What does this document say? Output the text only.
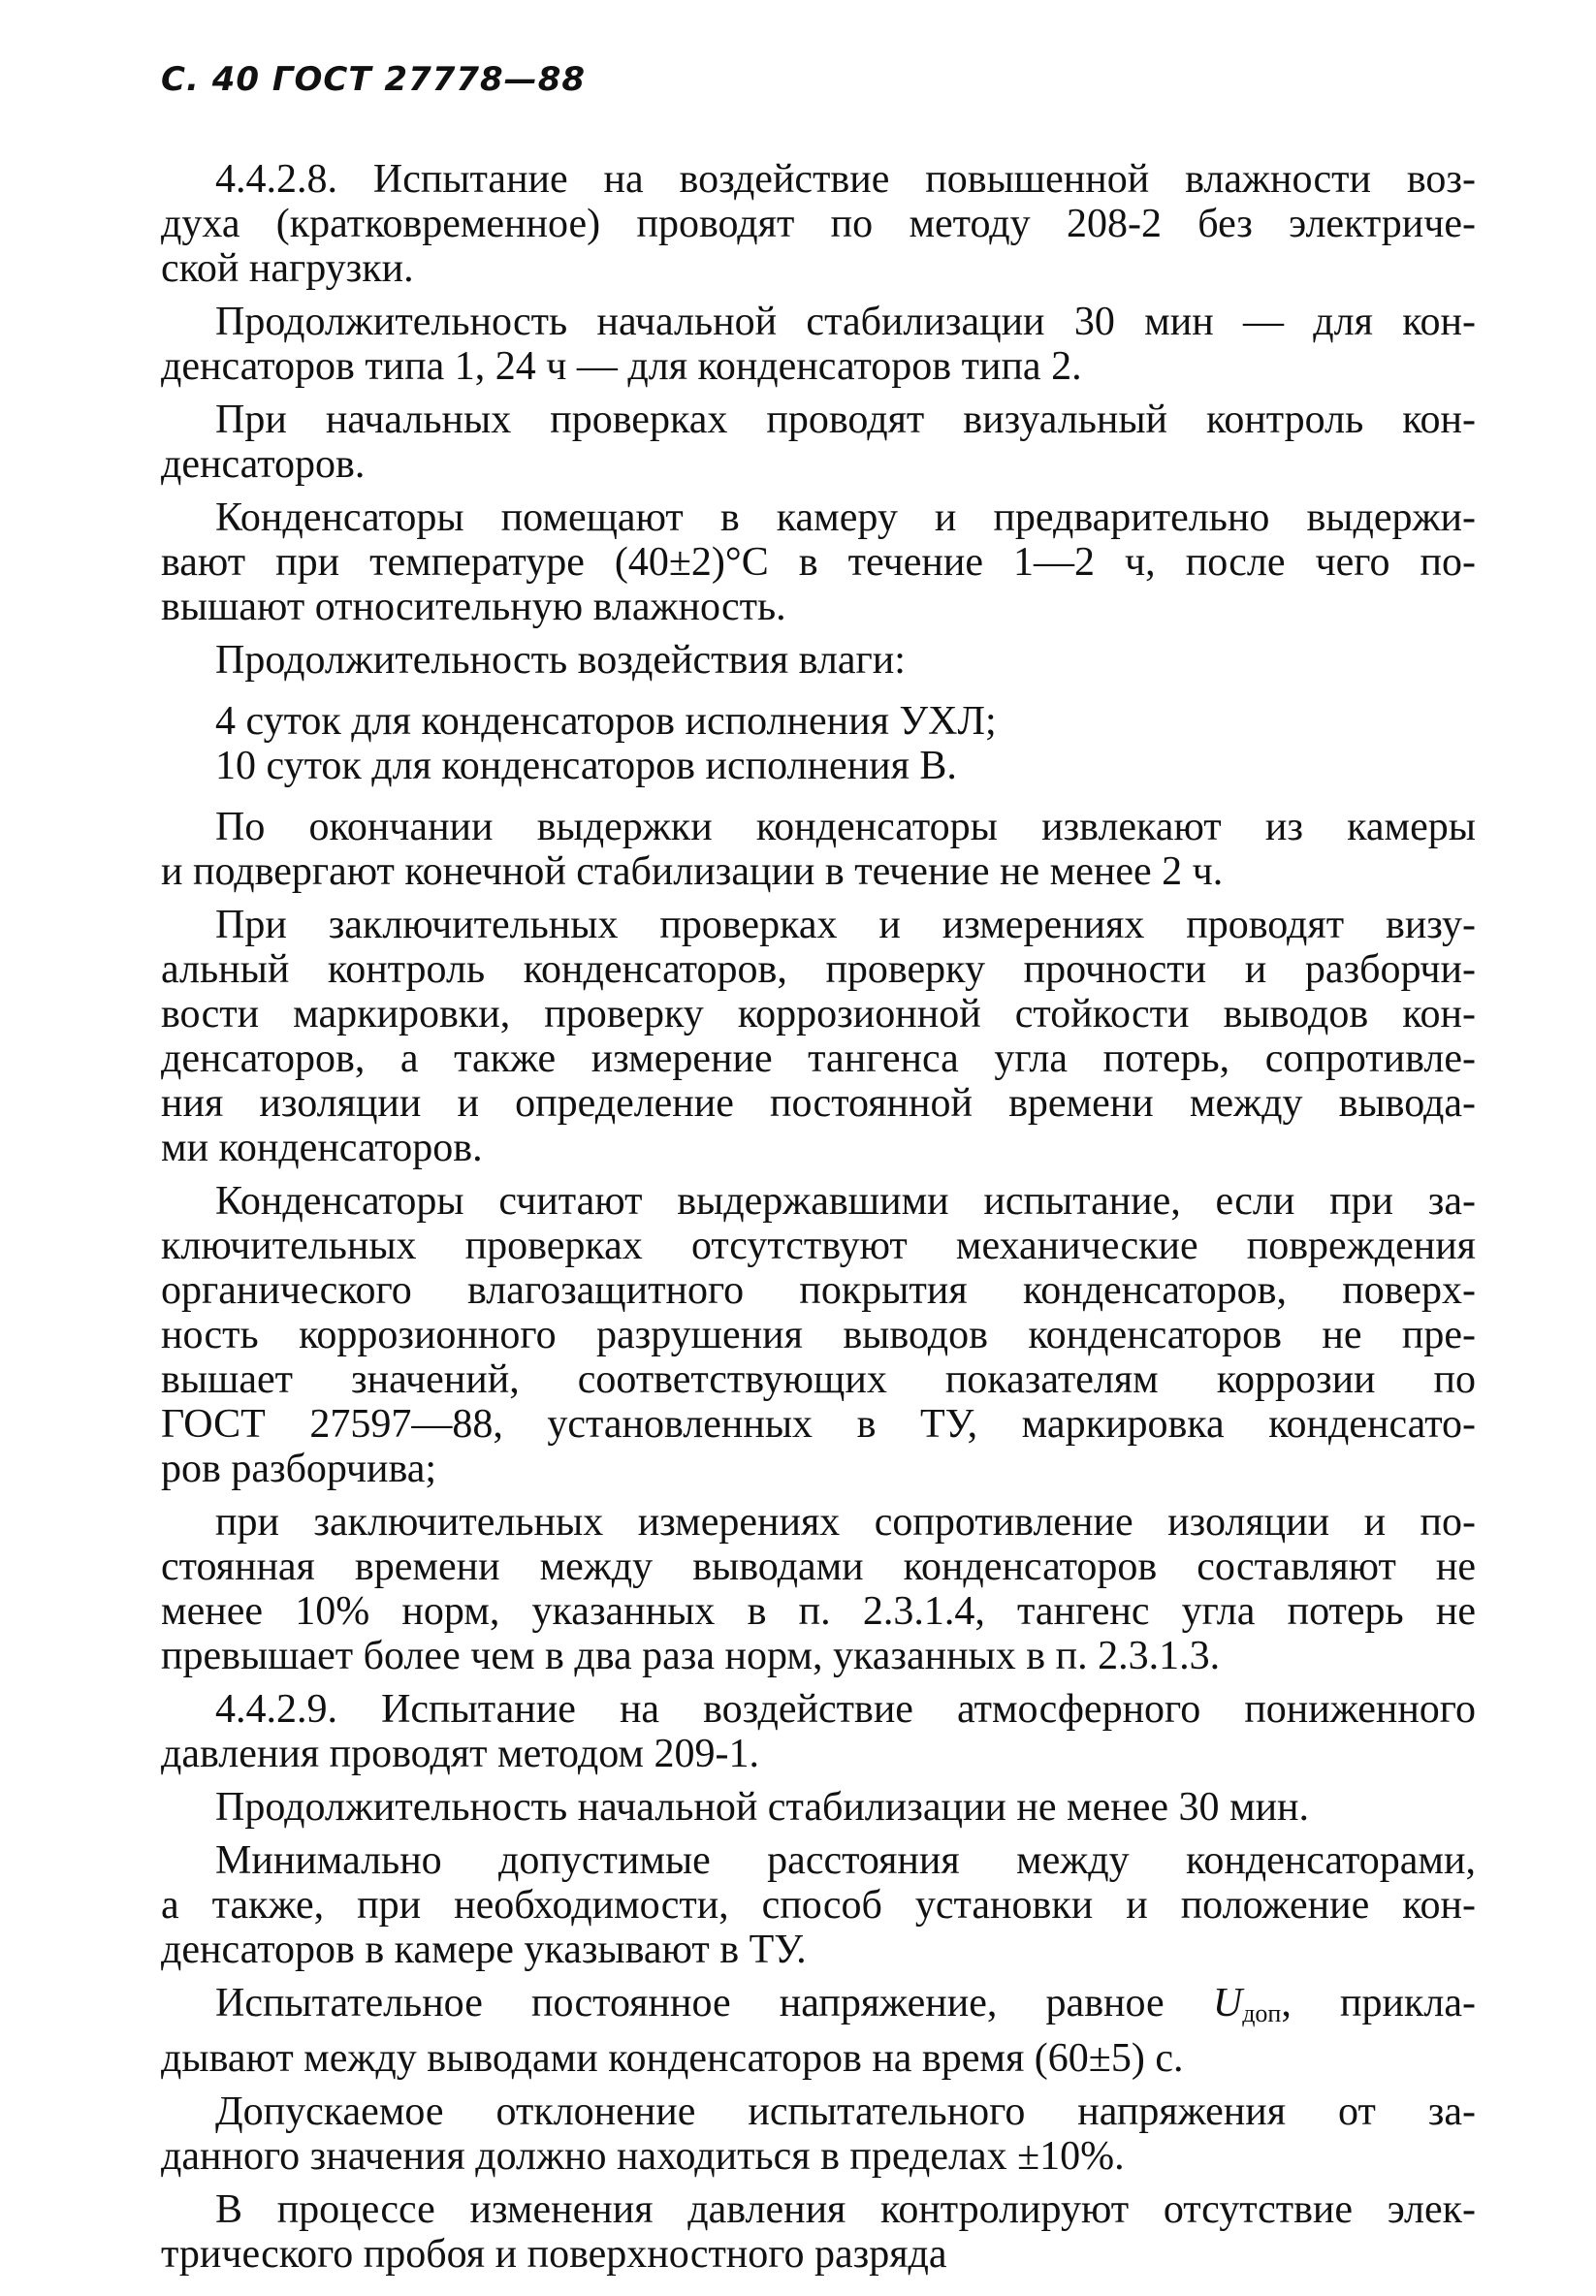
С. 40 ГОСТ 27778—88
4.4.2.8. Испытание на воздействие повышенной влажности воз-
духа (кратковременное) проводят по методу 208-2 без электриче-
ской нагрузки.
Продолжительность начальной стабилизации 30 мин — для кон-
денсаторов типа 1, 24 ч — для конденсаторов типа 2.
При начальных проверках проводят визуальный контроль кон-
денсаторов.
Конденсаторы помещают в камеру и предварительно выдержи-
вают при температуре (40±2)°С в течение 1—2 ч, после чего по-
вышают относительную влажность.
Продолжительность воздействия влаги:
4 суток для конденсаторов исполнения УХЛ;
10 суток для конденсаторов исполнения В.
По окончании выдержки конденсаторы извлекают из камеры
и подвергают конечной стабилизации в течение не менее 2 ч.
При заключительных проверках и измерениях проводят визу-
альный контроль конденсаторов, проверку прочности и разборчи-
вости маркировки, проверку коррозионной стойкости выводов кон-
денсаторов, а также измерение тангенса угла потерь, сопротивле-
ния изоляции и определение постоянной времени между вывода-
ми конденсаторов.
Конденсаторы считают выдержавшими испытание, если при за-
ключительных проверках отсутствуют механические повреждения
органического влагозащитного покрытия конденсаторов, поверх-
ность коррозионного разрушения выводов конденсаторов не пре-
вышает значений, соответствующих показателям коррозии по
ГОСТ 27597—88, установленных в ТУ, маркировка конденсато-
ров разборчива;
при заключительных измерениях сопротивление изоляции и по-
стоянная времени между выводами конденсаторов составляют не
менее 10% норм, указанных в п. 2.3.1.4, тангенс угла потерь не
превышает более чем в два раза норм, указанных в п. 2.3.1.3.
4.4.2.9. Испытание на воздействие атмосферного пониженного
давления проводят методом 209-1.
Продолжительность начальной стабилизации не менее 30 мин.
Минимально допустимые расстояния между конденсаторами,
а также, при необходимости, способ установки и положение кон-
денсаторов в камере указывают в ТУ.
Испытательное постоянное напряжение, равное $U_{доп}$, прикла-
дывают между выводами конденсаторов на время (60±5) с.
Допускаемое отклонение испытательного напряжения от за-
данного значения должно находиться в пределах ±10%.
В процессе изменения давления контролируют отсутствие элек-
трического пробоя и поверхностного разряда
